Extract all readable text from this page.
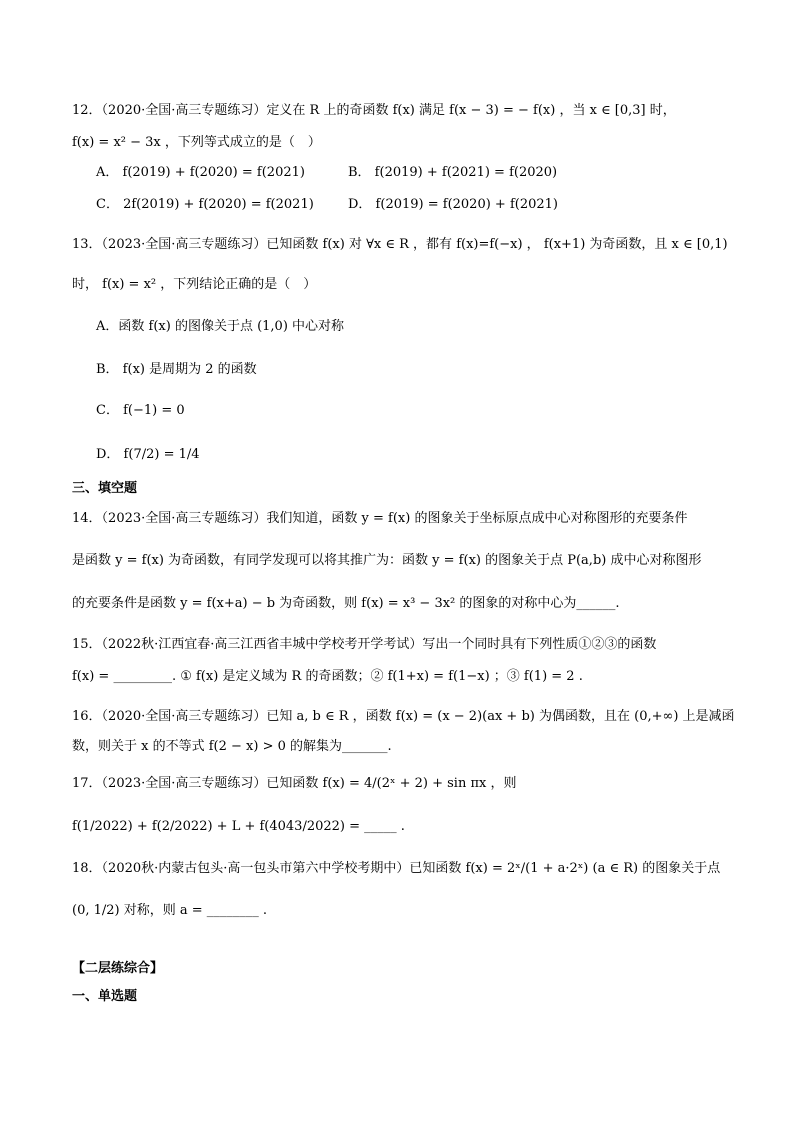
12．（2020·全国·高三专题练习）定义在 R 上的奇函数 f(x) 满足 f(x − 3) = − f(x) ，当 x ∈ [0,3] 时，
f(x) = x² − 3x ，下列等式成立的是（　）
A． f(2019) + f(2020) = f(2021)	B． f(2019) + f(2021) = f(2020)
C． 2f(2019) + f(2020) = f(2021)	D． f(2019) = f(2020) + f(2021)
13．（2023·全国·高三专题练习）已知函数 f(x) 对 ∀x ∈ R ，都有 f(x)=f(−x) ， f(x+1) 为奇函数，且 x ∈ [0,1)
时， f(x) = x² ，下列结论正确的是（　）
A．函数 f(x) 的图像关于点 (1,0) 中心对称
B． f(x) 是周期为 2 的函数
C． f(−1) = 0
D． f(7/2) = 1/4
三、填空题
14．（2023·全国·高三专题练习）我们知道，函数 y = f(x) 的图象关于坐标原点成中心对称图形的充要条件
是函数 y = f(x) 为奇函数，有同学发现可以将其推广为：函数 y = f(x) 的图象关于点 P(a,b) 成中心对称图形
的充要条件是函数 y = f(x+a) − b 为奇函数，则 f(x) = x³ − 3x² 的图象的对称中心为______.
15．（2022秋·江西宜春·高三江西省丰城中学校考开学考试）写出一个同时具有下列性质①②③的函数
f(x) = _________. ① f(x) 是定义域为 R 的奇函数；② f(1+x) = f(1−x) ；③ f(1) = 2 .
16．（2020·全国·高三专题练习）已知 a, b ∈ R ，函数 f(x) = (x − 2)(ax + b) 为偶函数，且在 (0,+∞) 上是减函
数，则关于 x 的不等式 f(2 − x) > 0 的解集为_______.
17．（2023·全国·高三专题练习）已知函数 f(x) = 4/(2ˣ + 2) + sin πx ，则
f(1/2022) + f(2/2022) + L + f(4043/2022) = _____ .
18．（2020秋·内蒙古包头·高一包头市第六中学校考期中）已知函数 f(x) = 2ˣ/(1 + a·2ˣ) (a ∈ R) 的图象关于点
(0, 1/2) 对称，则 a = ________ .
【二层练综合】
一、单选题
